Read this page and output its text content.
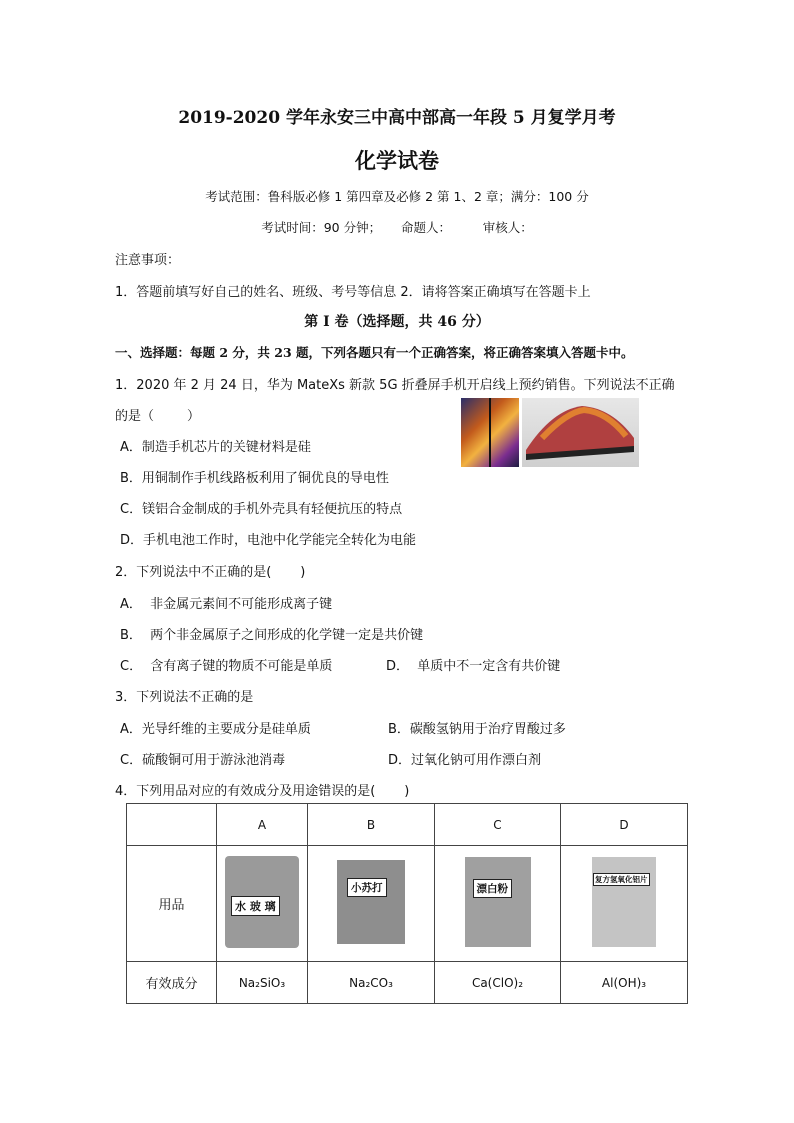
2019-2020 学年永安三中高中部高一年段 5 月复学月考
化学试卷
考试范围：鲁科版必修 1 第四章及必修 2 第 1、2 章；满分：100 分
考试时间：90 分钟；     命题人：        审核人：
注意事项：
1．答题前填写好自己的姓名、班级、考号等信息 2．请将答案正确填写在答题卡上
第 I 卷（选择题，共 46 分）
一、选择题：每题 2 分，共 23 题，下列各题只有一个正确答案，将正确答案填入答题卡中。
1．2020 年 2 月 24 日，华为 MateXs 新款 5G 折叠屏手机开启线上预约销售。下列说法不正确
的是（        ）
A．制造手机芯片的关键材料是硅
B．用铜制作手机线路板利用了铜优良的导电性
C．镁铝合金制成的手机外壳具有轻便抗压的特点
D．手机电池工作时，电池中化学能完全转化为电能
2．下列说法中不正确的是(       )
A．  非金属元素间不可能形成离子键
B．  两个非金属原子之间形成的化学键一定是共价键
C．  含有离子键的物质不可能是单质	D．  单质中不一定含有共价键
3．下列说法不正确的是
A．光导纤维的主要成分是硅单质	B．碳酸氢钠用于治疗胃酸过多
C．硫酸铜可用于游泳池消毒	D．过氧化钠可用作漂白剂
4．下列用品对应的有效成分及用途错误的是(       )
	A	B	C	D
用品	水 玻 璃	小苏打	漂白粉	复方氢氧化铝片

有效成分	Na₂SiO₃	Na₂CO₃	Ca(ClO)₂	Al(OH)₃
